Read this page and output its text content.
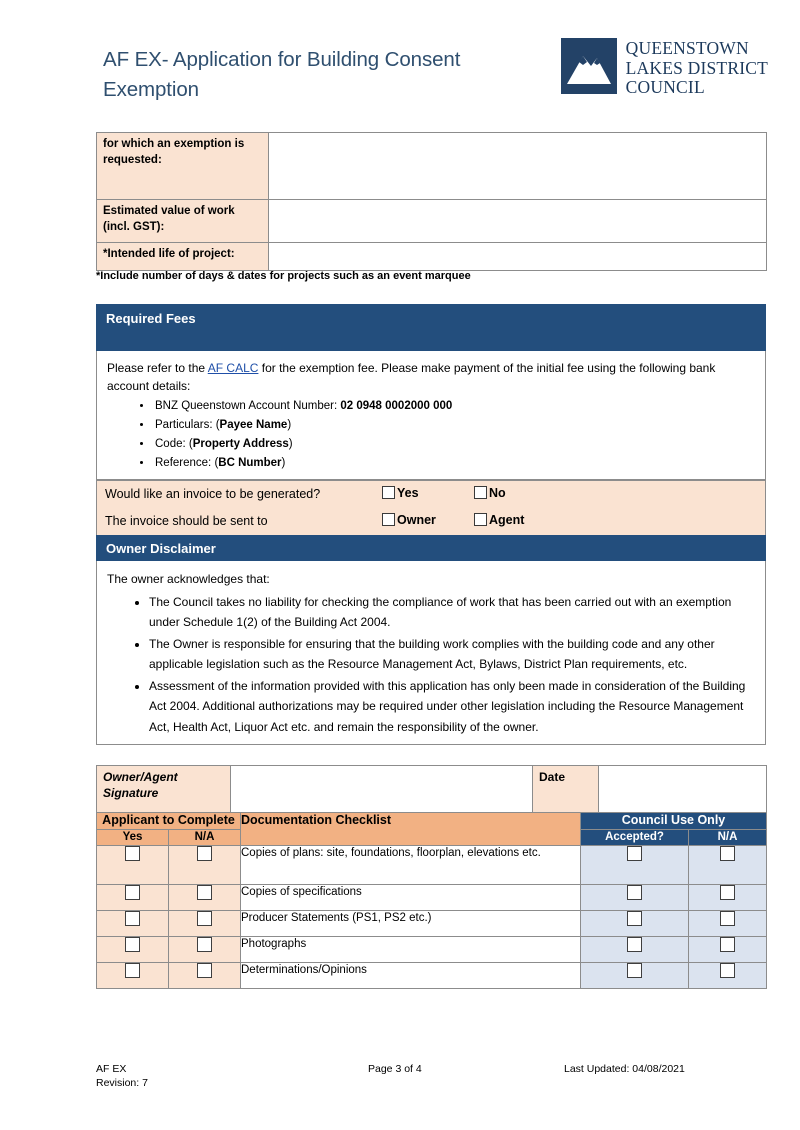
AF EX- Application for Building Consent Exemption
QUEENSTOWN
LAKES DISTRICT
COUNCIL
for which an exemption is requested:	
Estimated value of work (incl. GST):	
*Intended life of project:	
*Include number of days & dates for projects such as an event marquee
Required Fees

Please refer to the AF CALC for the exemption fee. Please make payment of the initial fee using the following bank account details:

• BNZ Queenstown Account Number: 02 0948 0002000 000
• Particulars: (Payee Name)
• Code: (Property Address)
• Reference: (BC Number)
Would like an invoice to be generated?	Yes	No
The invoice should be sent to	Owner	Agent
Owner Disclaimer
The owner acknowledges that:
• The Council takes no liability for checking the compliance of work that has been carried out with an exemption under Schedule 1(2) of the Building Act 2004.
• The Owner is responsible for ensuring that the building work complies with the building code and any other applicable legislation such as the Resource Management Act, Bylaws, District Plan requirements, etc.
• Assessment of the information provided with this application has only been made in consideration of the Building Act 2004. Additional authorizations may be required under other legislation including the Resource Management Act, Health Act, Liquor Act etc. and remain the responsibility of the owner.
Owner/Agent Signature		Date	
Applicant to Complete		Documentation Checklist	Council Use Only	
Yes	N/A		Accepted?	N/A
		Copies of plans: site, foundations, floorplan, elevations etc.		
		Copies of specifications		
		Producer Statements (PS1, PS2 etc.)		
		Photographs		
		Determinations/Opinions		
AF EX
Revision: 7
Page 3 of 4	Last Updated: 04/08/2021
